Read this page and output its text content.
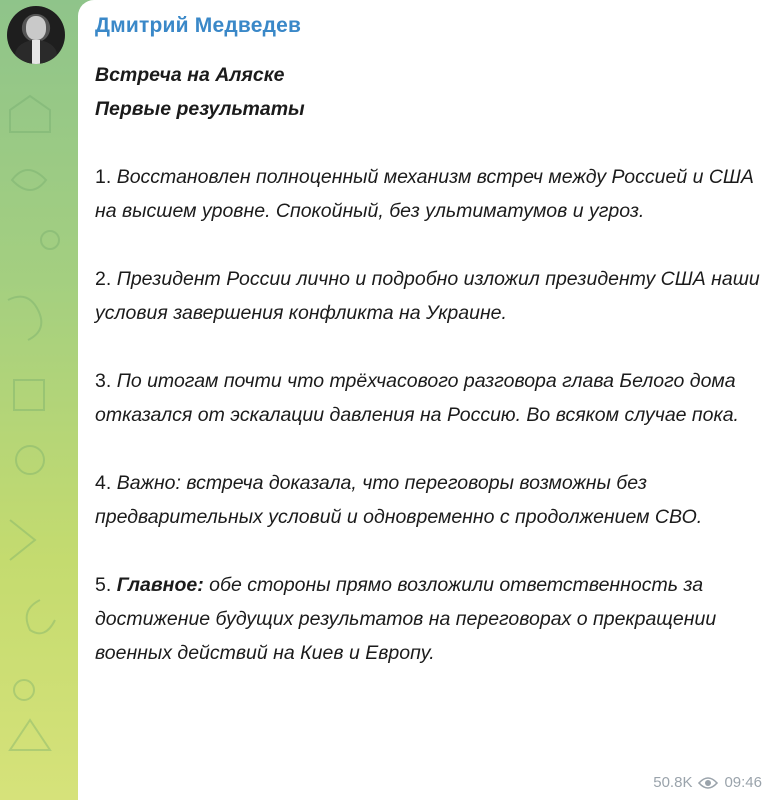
Дмитрий Медведев

Встреча на Аляске

Первые результаты

1. Восстановлен полноценный механизм встреч между Россией и США на высшем уровне. Спокойный, без ультиматумов и угроз.

2. Президент России лично и подробно изложил президенту США наши условия завершения конфликта на Украине.

3. По итогам почти что трёхчасового разговора глава Белого дома отказался от эскалации давления на Россию. Во всяком случае пока.

4. Важно: встреча доказала, что переговоры возможны без предварительных условий и одновременно с продолжением СВО.

5. Главное: обе стороны прямо возложили ответственность за достижение будущих результатов на переговорах о прекращении военных действий на Киев и Европу.

50.8K 09:46
